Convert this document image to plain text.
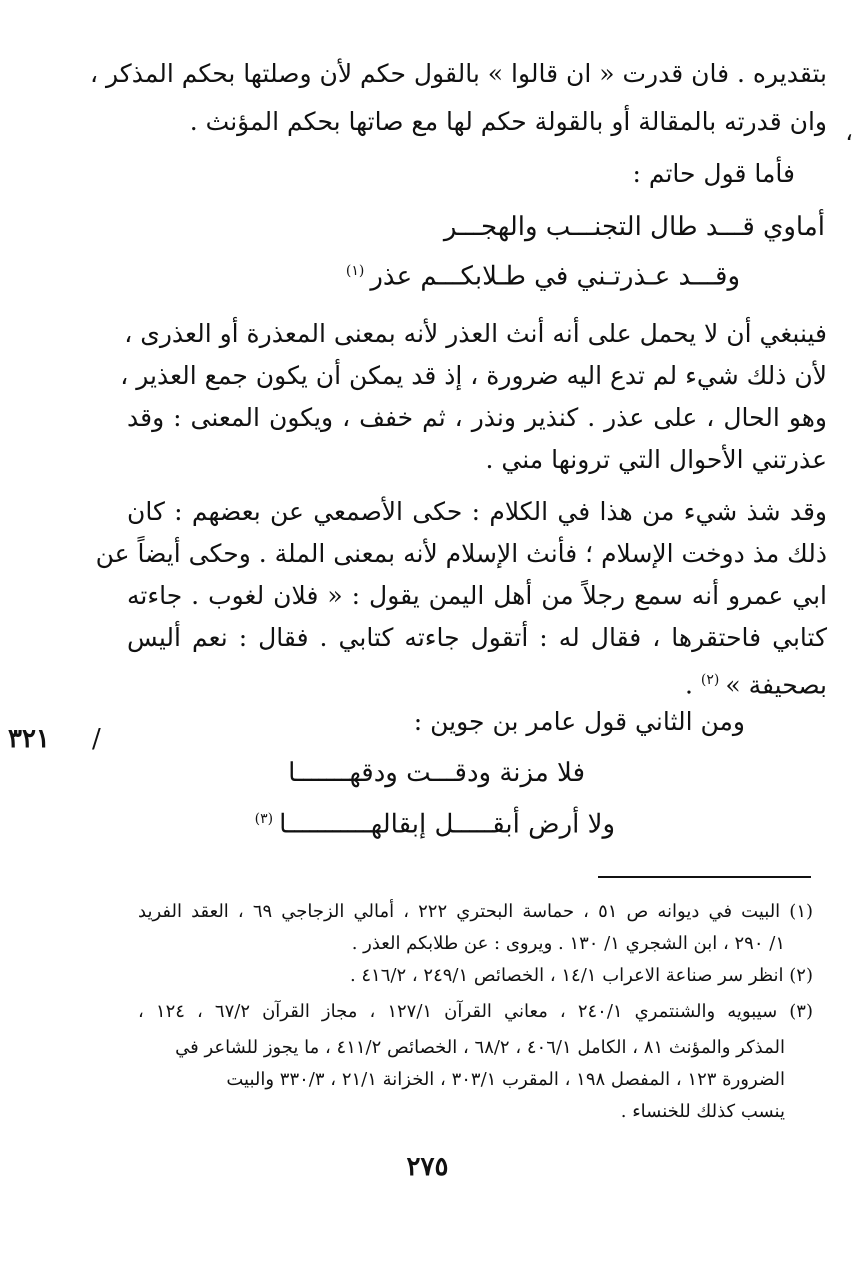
بتقديره . فان قدرت « ان قالوا » بالقول حكم لأن وصلتها بحكم المذكر ،
وان قدرته بالمقالة أو بالقولة حكم لها مع صاتها بحكم المؤنث . ،
فأما قول حاتم :
أماوي قـــد طال التجنـــب والهجـــر
وقـــد عـذرتـني في طـلابكـــم عذر$^{(١)}$
فينبغي أن لا يحمل على أنه أنث العذر لأنه بمعنى المعذرة أو العذرى ،
لأن ذلك شيء لم تدع اليه ضرورة ، إذ قد يمكن أن يكون جمع العذير ،
وهو الحال ، على عذر . كنذير ونذر ، ثم خفف ، ويكون المعنى : وقد
عذرتني الأحوال التي ترونها مني .
وقد شذ شيء من هذا في الكلام : حكى الأصمعي عن بعضهم : كان
ذلك مذ دوخت الإسلام ؛ فأنث الإسلام لأنه بمعنى الملة . وحكى أيضاً عن
ابي عمرو أنه سمع رجلاً من أهل اليمن يقول : « فلان لغوب . جاءته
كتابي فاحتقرها ، فقال له : أتقول جاءته كتابي . فقال : نعم أليس
بصحيفة »$^{(٢)}$ .
ومن الثاني قول عامر بن جوين :
٣٢١ /
فلا مزنة ودقـــت ودقهـــــــا
ولا أرض أبقـــــل إبقالهـــــــــــا$^{(٣)}$
(١) البيت في ديوانه ص ٥١ ، حماسة البحتري ٢٢٢ ، أمالي الزجاجي ٦٩ ، العقد الفريد
١/ ٢٩٠ ، ابن الشجري ١/ ١٣٠ . ويروى : عن طلابكم العذر .
(٢) انظر سر صناعة الاعراب ١٤/١ ، الخصائص ٢٤٩/١ ، ٤١٦/٢ .
(٣) سيبويه والشنتمري ٢٤٠/١ ، معاني القرآن ١٢٧/١ ، مجاز القرآن ٦٧/٢ ، ١٢٤ ،
المذكر والمؤنث ٨١ ، الكامل ٤٠٦/١ ، ٦٨/٢ ، الخصائص ٤١١/٢ ، ما يجوز للشاعر في
الضرورة ١٢٣ ، المفصل ١٩٨ ، المقرب ٣٠٣/١ ، الخزانة ٢١/١ ، ٣٣٠/٣ والبيت
ينسب كذلك للخنساء .
٢٧٥
